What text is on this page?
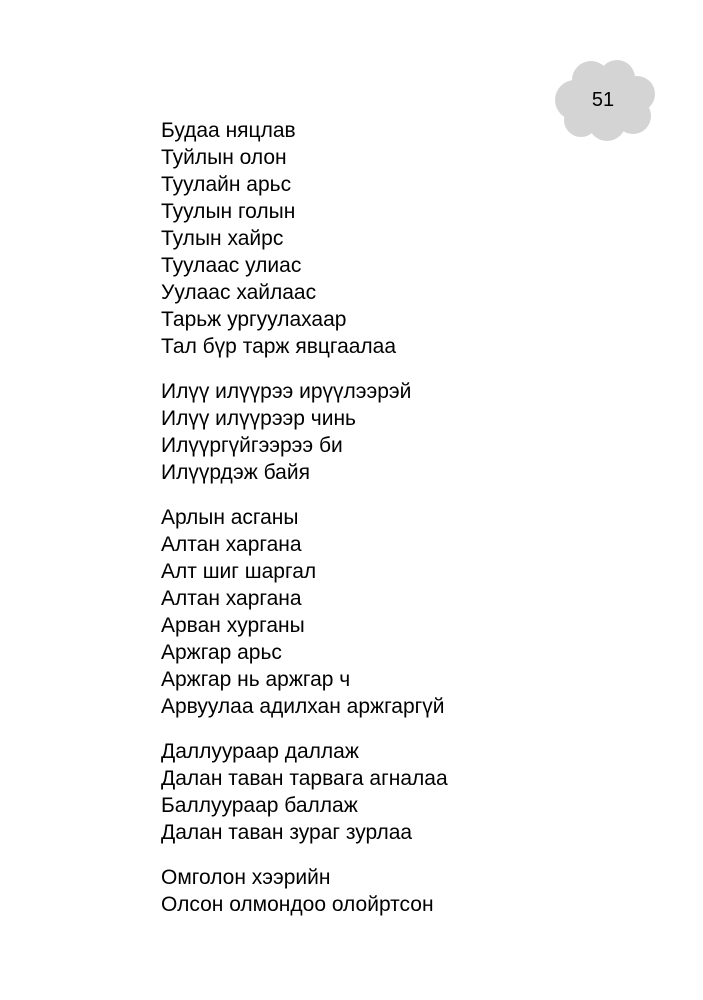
51
Будаа няцлав
Туйлын олон
Туулайн арьс
Туулын голын
Тулын хайрс
Туулаас улиас
Уулаас хайлаас
Тарьж ургуулахаар
Тал бүр тарж явцгаалаа
Илүү илүүрээ ирүүлээрэй
Илүү илүүрээр чинь
Илүүргүйгээрээ би
Илүүрдэж байя
Арлын асганы
Алтан харгана
Алт шиг шаргал
Алтан харгана
Арван хурганы
Аржгар арьс
Аржгар нь аржгар ч
Арвуулаа адилхан аржгаргүй
Даллуураар даллаж
Далан таван тарвага агналаа
Баллуураар баллаж
Далан таван зураг зурлаа
Омголон хээрийн
Олсон олмондоо олойртсон
